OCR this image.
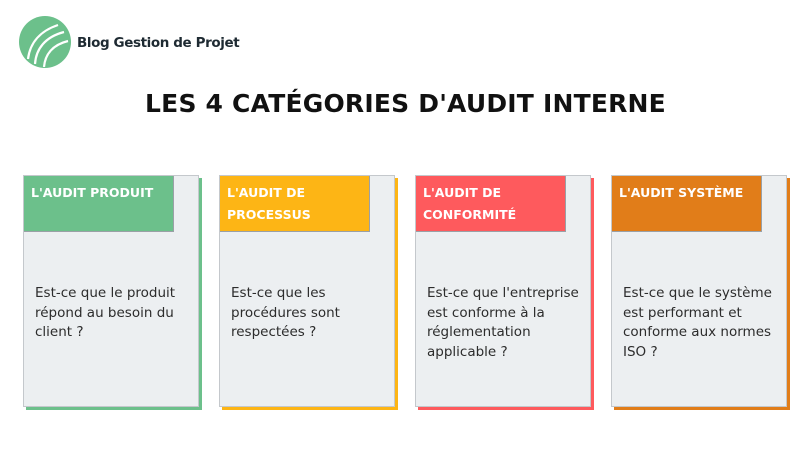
Blog Gestion de Projet
LES 4 CATÉGORIES D'AUDIT INTERNE
L'AUDIT PRODUIT
Est-ce que le produit répond au besoin du client ?
L'AUDIT DE PROCESSUS
Est-ce que les procédures sont respectées ?
L'AUDIT DE CONFORMITÉ
Est-ce que l'entreprise est conforme à la réglementation applicable ?
L'AUDIT SYSTÈME
Est-ce que le système est performant et conforme aux normes ISO ?
